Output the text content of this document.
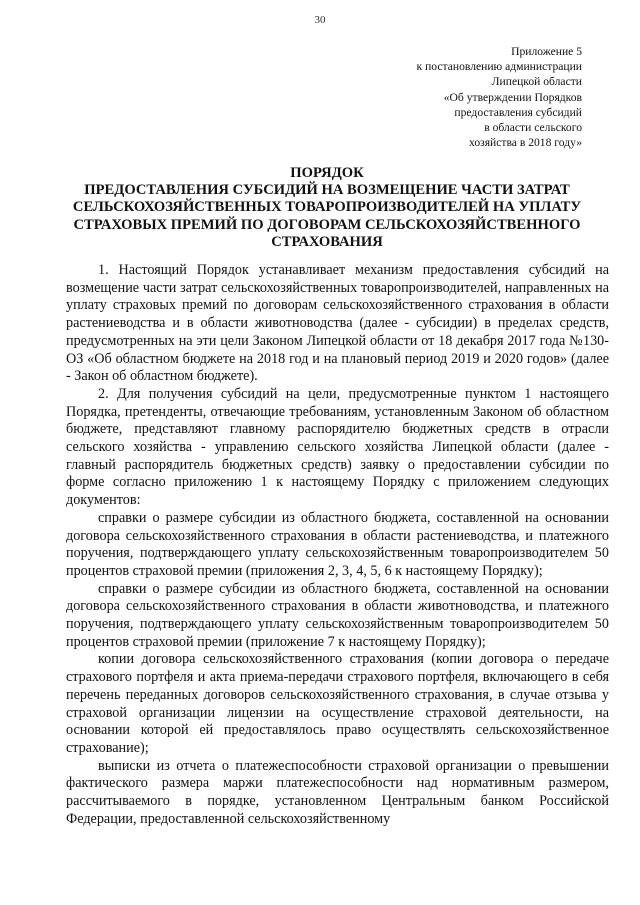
30
Приложение 5
к постановлению администрации
Липецкой области
«Об утверждении Порядков
предоставления субсидий
в области сельского
хозяйства в 2018 году»
ПОРЯДОК
ПРЕДОСТАВЛЕНИЯ СУБСИДИЙ НА ВОЗМЕЩЕНИЕ ЧАСТИ ЗАТРАТ
СЕЛЬСКОХОЗЯЙСТВЕННЫХ ТОВАРОПРОИЗВОДИТЕЛЕЙ НА УПЛАТУ
СТРАХОВЫХ ПРЕМИЙ ПО ДОГОВОРАМ СЕЛЬСКОХОЗЯЙСТВЕННОГО
СТРАХОВАНИЯ

1. Настоящий Порядок устанавливает механизм предоставления субсидий на возмещение части затрат сельскохозяйственных товаропроизводителей, направленных на уплату страховых премий по договорам сельскохозяйственного страхования в области растениеводства и в области животноводства (далее - субсидии) в пределах средств, предусмотренных на эти цели Законом Липецкой области от 18 декабря 2017 года №130-ОЗ «Об областном бюджете на 2018 год и на плановый период 2019 и 2020 годов» (далее - Закон об областном бюджете).

2. Для получения субсидий на цели, предусмотренные пунктом 1 настоящего Порядка, претенденты, отвечающие требованиям, установленным Законом об областном бюджете, представляют главному распорядителю бюджетных средств в отрасли сельского хозяйства - управлению сельского хозяйства Липецкой области (далее - главный распорядитель бюджетных средств) заявку о предоставлении субсидии по форме согласно приложению 1 к настоящему Порядку с приложением следующих документов:

справки о размере субсидии из областного бюджета, составленной на основании договора сельскохозяйственного страхования в области растениеводства, и платежного поручения, подтверждающего уплату сельскохозяйственным товаропроизводителем 50 процентов страховой премии (приложения 2, 3, 4, 5, 6 к настоящему Порядку);

справки о размере субсидии из областного бюджета, составленной на основании договора сельскохозяйственного страхования в области животноводства, и платежного поручения, подтверждающего уплату сельскохозяйственным товаропроизводителем 50 процентов страховой премии (приложение 7 к настоящему Порядку);

копии договора сельскохозяйственного страхования (копии договора о передаче страхового портфеля и акта приема-передачи страхового портфеля, включающего в себя перечень переданных договоров сельскохозяйственного страхования, в случае отзыва у страховой организации лицензии на осуществление страховой деятельности, на основании которой ей предоставлялось право осуществлять сельскохозяйственное страхование);

выписки из отчета о платежеспособности страховой организации о превышении фактического размера маржи платежеспособности над нормативным размером, рассчитываемого в порядке, установленном Центральным банком Российской Федерации, предоставленной сельскохозяйственному
